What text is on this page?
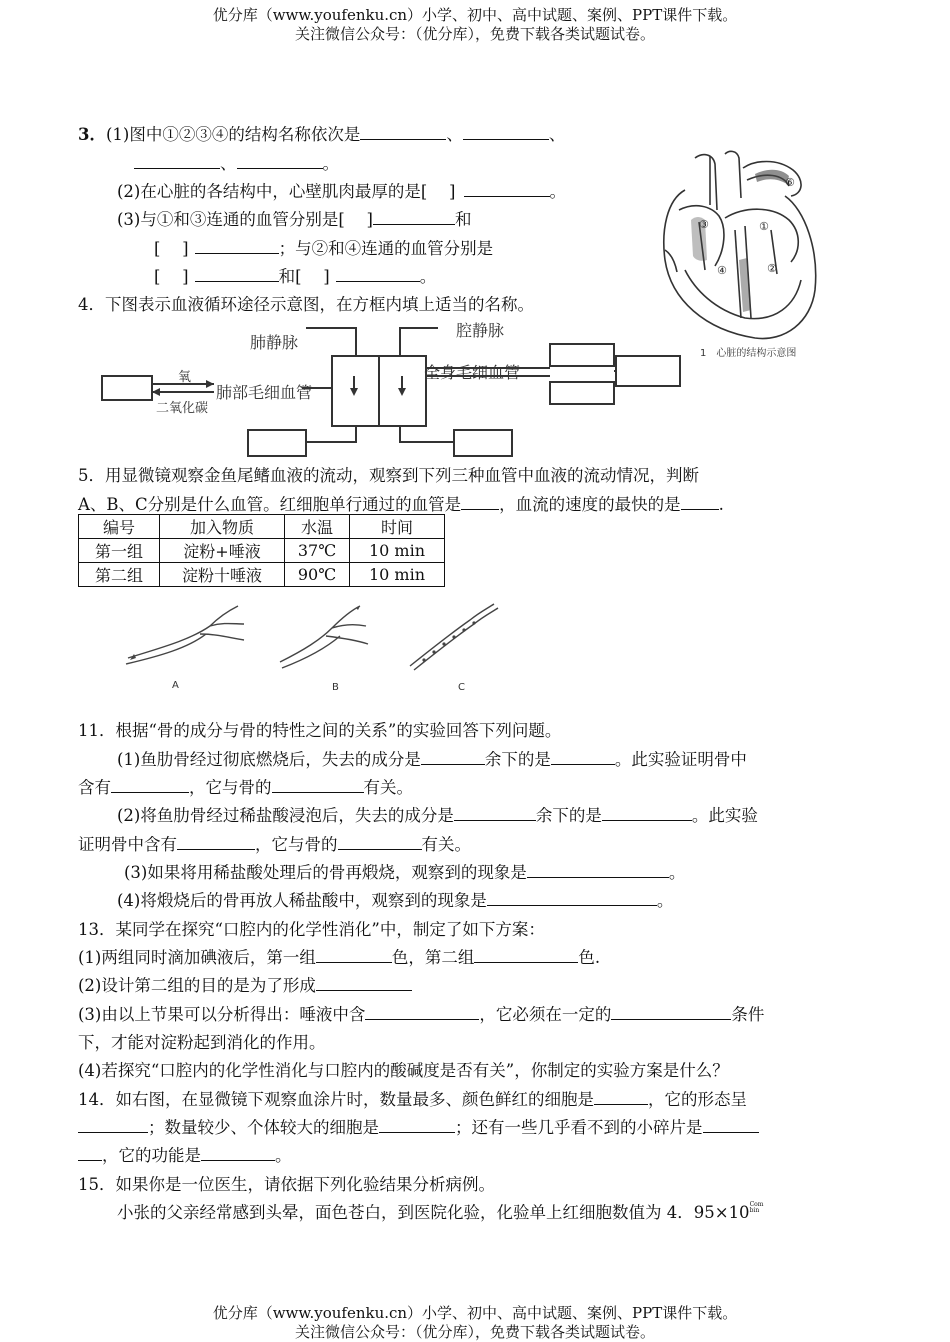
优分库（www.youfenku.cn）小学、初中、高中试题、案例、PPT课件下载。
关注微信公众号：（优分库），免费下载各类试题试卷。
3．(1)图中①②③④的结构名称依次是	、	、
、	。
(2)在心脏的各结构中，心壁肌肉最厚的是[　 ]	。
(3)与①和③连通的血管分别是[　 ]	和
[　 ]	；与②和④连通的血管分别是
[　 ]	和[　 ]	。
①
②
③
④
⑥
1　心脏的结构示意图
4．下图表示血液循环途径示意图，在方框内填上适当的名称。
肺静脉
腔静脉
肺部毛细血管
全身毛细血管
氧
二氧化碳
5．用显微镜观察金鱼尾鳍血液的流动，观察到下列三种血管中血液的流动情况，判断
A、B、C分别是什么血管。红细胞单行通过的血管是 ，血流的速度的最快的是 .
编号	加入物质	水温	时间
第一组	淀粉+唾液	37℃	10 min
第二组	淀粉十唾液	90℃	10 min
A	B	C
11．根据“骨的成分与骨的特性之间的关系”的实验回答下列问题。
(1)鱼肋骨经过彻底燃烧后，失去的成分是	余下的是	。此实验证明骨中
含有	，它与骨的	有关。
(2)将鱼肋骨经过稀盐酸浸泡后，失去的成分是	余下的是	。此实验
证明骨中含有	，它与骨的	有关。
(3)如果将用稀盐酸处理后的骨再煅烧，观察到的现象是	。
(4)将煅烧后的骨再放人稀盐酸中，观察到的现象是	。
13．某同学在探究“口腔内的化学性消化”中，制定了如下方案：
(1)两组同时滴加碘液后，第一组	色，第二组	色.
(2)设计第二组的目的是为了形成
(3)由以上节果可以分析得出：唾液中含	，它必须在一定的	条件
下，才能对淀粉起到消化的作用。
(4)若探究“口腔内的化学性消化与口腔内的酸碱度是否有关”，你制定的实验方案是什么？
14．如右图，在显微镜下观察血涂片时，数量最多、颜色鲜红的细胞是	，它的形态呈
；数量较少、个体较大的细胞是	；还有一些几乎看不到的小碎片是
，它的功能是	。
15．如果你是一位医生，请依据下列化验结果分析病例。
小张的父亲经常感到头晕，面色苍白，到医院化验，化验单上红细胞数值为 4．95×10Com bin
优分库（www.youfenku.cn）小学、初中、高中试题、案例、PPT课件下载。
关注微信公众号：（优分库），免费下载各类试题试卷。
